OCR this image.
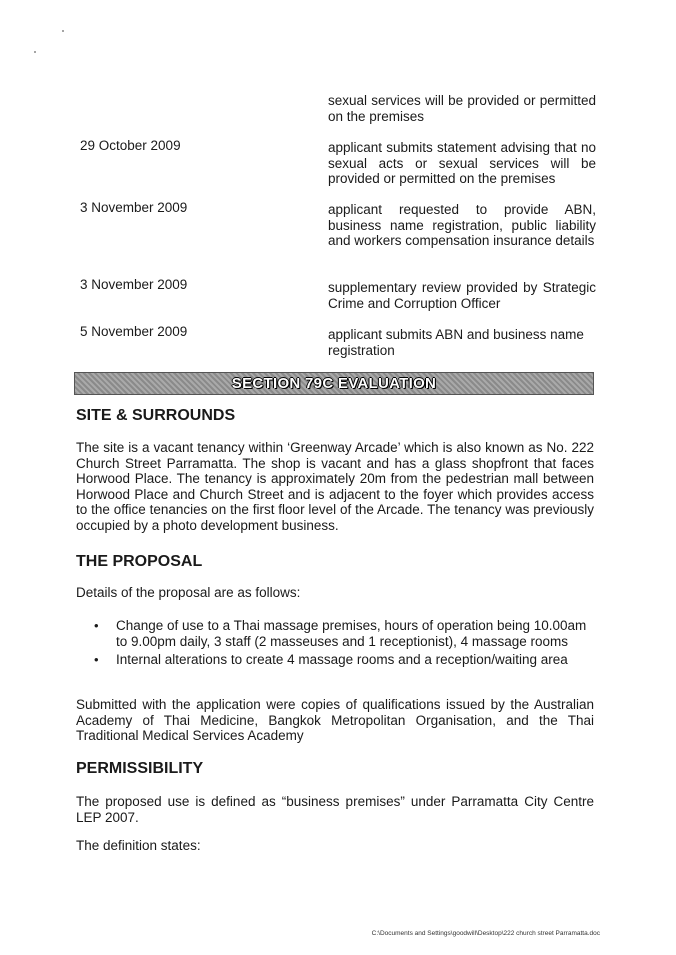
sexual services will be provided or permitted on the premises
29 October 2009	applicant submits statement advising that no sexual acts or sexual services will be provided or permitted on the premises
3 November 2009	applicant requested to provide ABN, business name registration, public liability and workers compensation insurance details
3 November 2009	supplementary review provided by Strategic Crime and Corruption Officer
5 November 2009	applicant submits ABN and business name registration
SECTION 79C EVALUATION
SITE & SURROUNDS
The site is a vacant tenancy within ‘Greenway Arcade’ which is also known as No. 222 Church Street Parramatta. The shop is vacant and has a glass shopfront that faces Horwood Place. The tenancy is approximately 20m from the pedestrian mall between Horwood Place and Church Street and is adjacent to the foyer which provides access to the office tenancies on the first floor level of the Arcade. The tenancy was previously occupied by a photo development business.
THE PROPOSAL
Details of the proposal are as follows:
• Change of use to a Thai massage premises, hours of operation being 10.00am to 9.00pm daily, 3 staff (2 masseuses and 1 receptionist), 4 massage rooms
• Internal alterations to create 4 massage rooms and a reception/waiting area
Submitted with the application were copies of qualifications issued by the Australian Academy of Thai Medicine, Bangkok Metropolitan Organisation, and the Thai Traditional Medical Services Academy
PERMISSIBILITY
The proposed use is defined as “business premises” under Parramatta City Centre LEP 2007.
The definition states:
C:\Documents and Settings\goodwill\Desktop\222 church street Parramatta.doc
